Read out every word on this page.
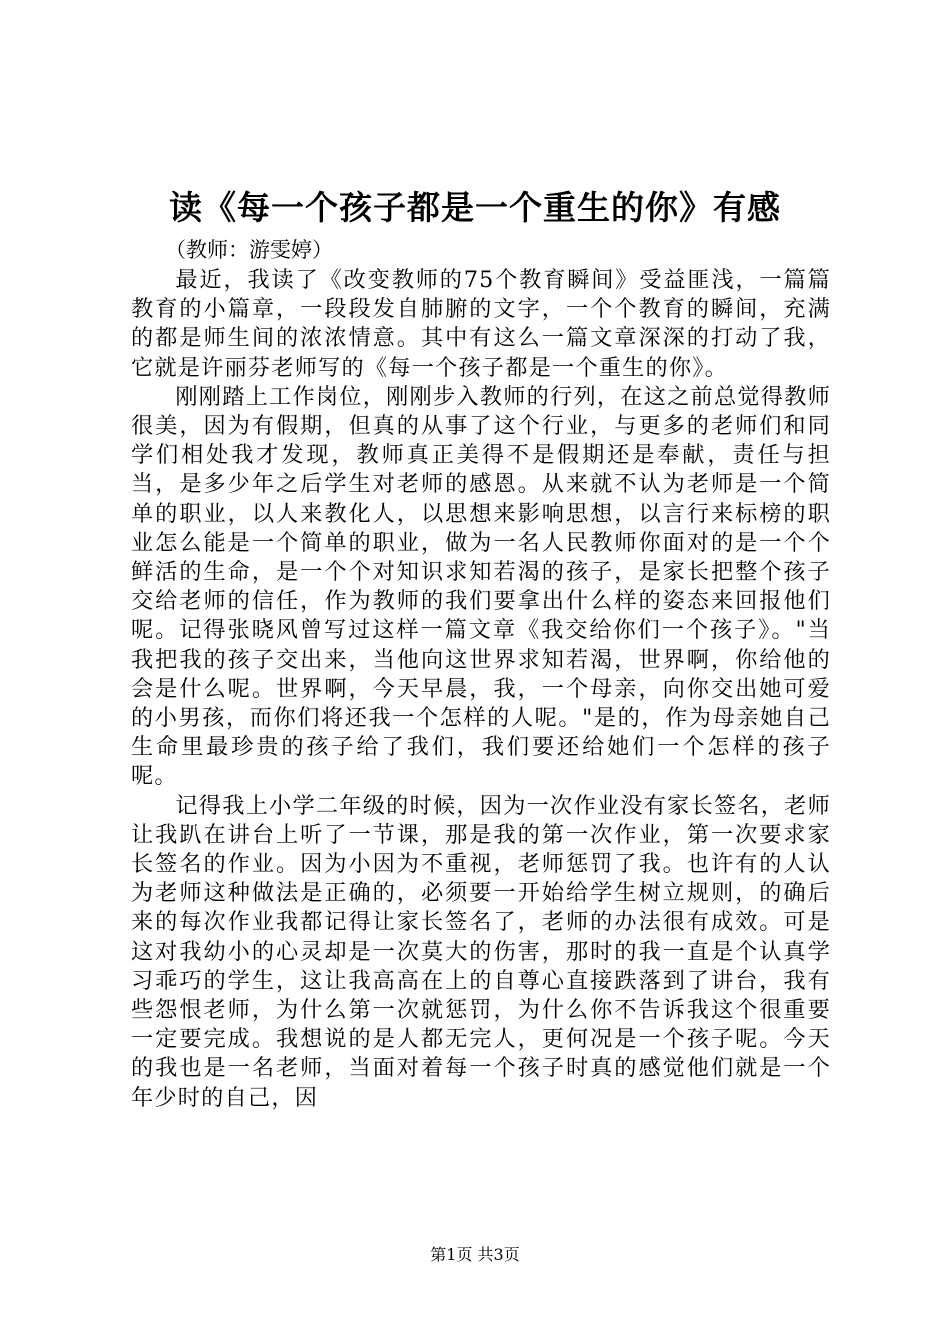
读《每一个孩子都是一个重生的你》有感
（教师：游雯婷）

最近，我读了《改变教师的75个教育瞬间》受益匪浅，一篇篇教育的小篇章，一段段发自肺腑的文字，一个个教育的瞬间，充满的都是师生间的浓浓情意。其中有这么一篇文章深深的打动了我，它就是许丽芬老师写的《每一个孩子都是一个重生的你》。

刚刚踏上工作岗位，刚刚步入教师的行列，在这之前总觉得教师很美，因为有假期，但真的从事了这个行业，与更多的老师们和同学们相处我才发现，教师真正美得不是假期还是奉献，责任与担当，是多少年之后学生对老师的感恩。从来就不认为老师是一个简单的职业，以人来教化人，以思想来影响思想，以言行来标榜的职业怎么能是一个简单的职业，做为一名人民教师你面对的是一个个鲜活的生命，是一个个对知识求知若渴的孩子，是家长把整个孩子交给老师的信任，作为教师的我们要拿出什么样的姿态来回报他们呢。记得张晓风曾写过这样一篇文章《我交给你们一个孩子》。"当我把我的孩子交出来，当他向这世界求知若渴，世界啊，你给他的会是什么呢。世界啊，今天早晨，我，一个母亲，向你交出她可爱的小男孩，而你们将还我一个怎样的人呢。"是的，作为母亲她自己生命里最珍贵的孩子给了我们，我们要还给她们一个怎样的孩子呢。

记得我上小学二年级的时候，因为一次作业没有家长签名，老师让我趴在讲台上听了一节课，那是我的第一次作业，第一次要求家长签名的作业。因为小因为不重视，老师惩罚了我。也许有的人认为老师这种做法是正确的，必须要一开始给学生树立规则，的确后来的每次作业我都记得让家长签名了，老师的办法很有成效。可是这对我幼小的心灵却是一次莫大的伤害，那时的我一直是个认真学习乖巧的学生，这让我高高在上的自尊心直接跌落到了讲台，我有些怨恨老师，为什么第一次就惩罚，为什么你不告诉我这个很重要一定要完成。我想说的是人都无完人，更何况是一个孩子呢。今天的我也是一名老师，当面对着每一个孩子时真的感觉他们就是一个年少时的自己，因

第1页 共3页
